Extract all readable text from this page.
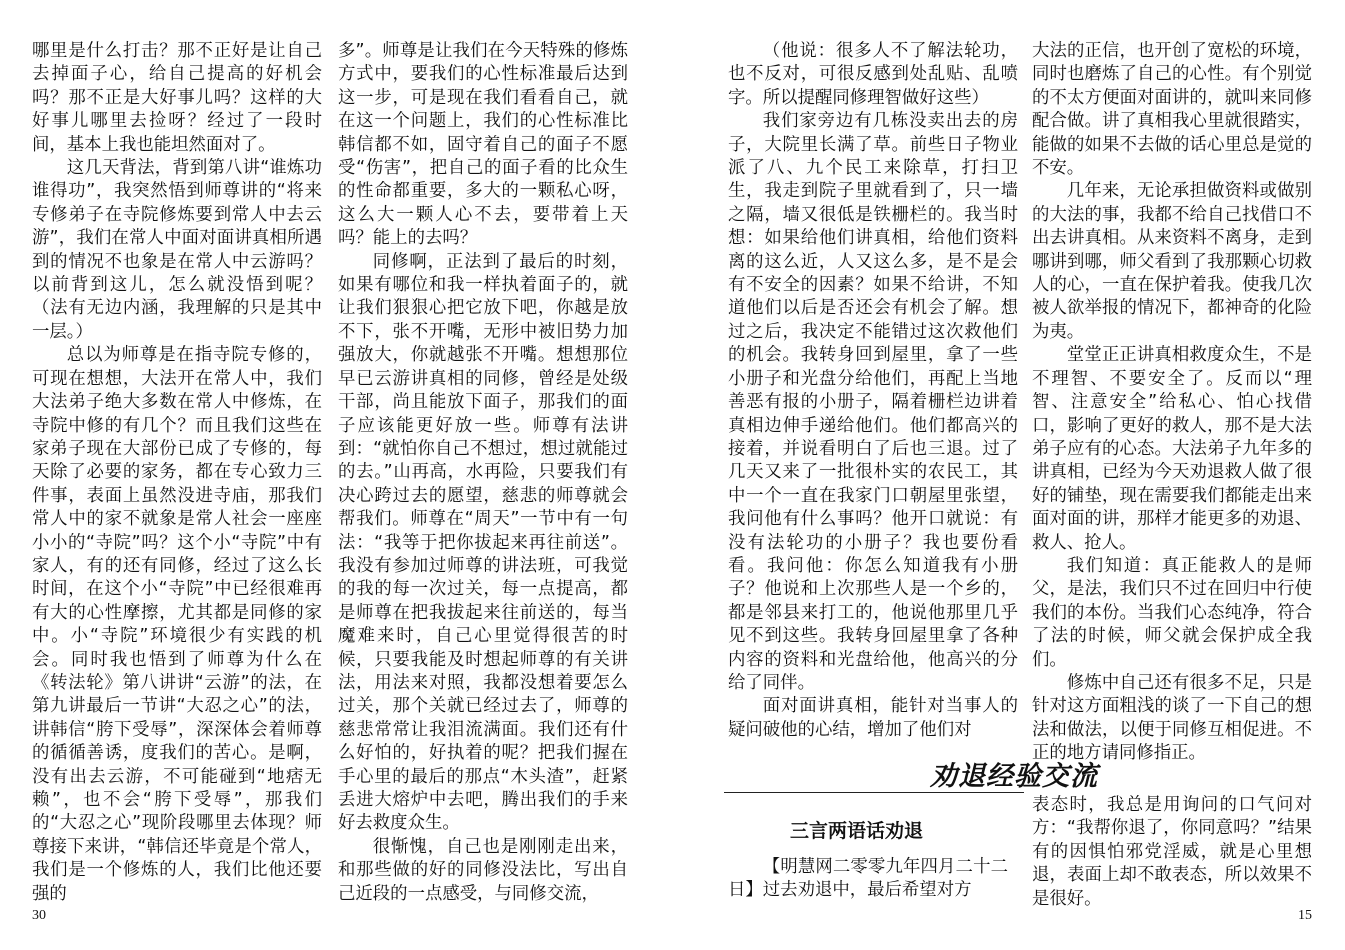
哪里是什么打击？那不正好是让自己去掉面子心，给自己提高的好机会吗？那不正是大好事儿吗？这样的大好事儿哪里去捡呀？经过了一段时间，基本上我也能坦然面对了。

这几天背法，背到第八讲“谁炼功谁得功”，我突然悟到师尊讲的“将来专修弟子在寺院修炼要到常人中去云游”，我们在常人中面对面讲真相所遇到的情况不也象是在常人中云游吗？以前背到这儿，怎么就没悟到呢？（法有无边内涵，我理解的只是其中一层。）

总以为师尊是在指寺院专修的，可现在想想，大法开在常人中，我们大法弟子绝大多数在常人中修炼，在寺院中修的有几个？而且我们这些在家弟子现在大部份已成了专修的，每天除了必要的家务，都在专心致力三件事，表面上虽然没进寺庙，那我们常人中的家不就象是常人社会一座座小小的“寺院”吗？这个小“寺院”中有家人，有的还有同修，经过了这么长时间，在这个小“寺院”中已经很难再有大的心性摩擦，尤其都是同修的家中。小“寺院”环境很少有实践的机会。同时我也悟到了师尊为什么在《转法轮》第八讲讲“云游”的法，在第九讲最后一节讲“大忍之心”的法，讲韩信“胯下受辱”，深深体会着师尊的循循善诱，度我们的苦心。是啊，没有出去云游，不可能碰到“地痞无赖”，也不会“胯下受辱”，那我们的“大忍之心”现阶段哪里去体现？师尊接下来讲，“韩信还毕竟是个常人，我们是一个修炼的人，我们比他还要强的

多”。师尊是让我们在今天特殊的修炼方式中，要我们的心性标准最后达到这一步，可是现在我们看看自己，就在这一个问题上，我们的心性标准比韩信都不如，固守着自己的面子不愿受“伤害”，把自己的面子看的比众生的性命都重要，多大的一颗私心呀，这么大一颗人心不去，要带着上天吗？能上的去吗？

同修啊，正法到了最后的时刻，如果有哪位和我一样执着面子的，就让我们狠狠心把它放下吧，你越是放不下，张不开嘴，无形中被旧势力加强放大，你就越张不开嘴。想想那位早已云游讲真相的同修，曾经是处级干部，尚且能放下面子，那我们的面子应该能更好放一些。师尊有法讲到：“就怕你自己不想过，想过就能过的去。”山再高，水再险，只要我们有决心跨过去的愿望，慈悲的师尊就会帮我们。师尊在“周天”一节中有一句法：“我等于把你拔起来再往前送”。我没有参加过师尊的讲法班，可我觉的我的每一次过关，每一点提高，都是师尊在把我拔起来往前送的，每当魔难来时，自己心里觉得很苦的时候，只要我能及时想起师尊的有关讲法，用法来对照，我都没想着要怎么过关，那个关就已经过去了，师尊的慈悲常常让我泪流满面。我们还有什么好怕的，好执着的呢？把我们握在手心里的最后的那点“木头渣”，赶紧丢进大熔炉中去吧，腾出我们的手来好去救度众生。

很惭愧，自己也是刚刚走出来，和那些做的好的同修没法比，写出自己近段的一点感受，与同修交流，

（他说：很多人不了解法轮功，也不反对，可很反感到处乱贴、乱喷字。所以提醒同修理智做好这些）

我们家旁边有几栋没卖出去的房子，大院里长满了草。前些日子物业派了八、九个民工来除草，打扫卫生，我走到院子里就看到了，只一墙之隔，墙又很低是铁栅栏的。我当时想：如果给他们讲真相，给他们资料离的这么近，人又这么多，是不是会有不安全的因素？如果不给讲，不知道他们以后是否还会有机会了解。想过之后，我决定不能错过这次救他们的机会。我转身回到屋里，拿了一些小册子和光盘分给他们，再配上当地善恶有报的小册子，隔着栅栏边讲着真相边伸手递给他们。他们都高兴的接着，并说看明白了后也三退。过了几天又来了一批很朴实的农民工，其中一个一直在我家门口朝屋里张望，我问他有什么事吗？他开口就说：有没有法轮功的小册子？我也要份看看。我问他：你怎么知道我有小册子？他说和上次那些人是一个乡的，都是邻县来打工的，他说他那里几乎见不到这些。我转身回屋里拿了各种内容的资料和光盘给他，他高兴的分给了同伴。

面对面讲真相，能针对当事人的疑问破他的心结，增加了他们对

大法的正信，也开创了宽松的环境，同时也磨炼了自己的心性。有个别觉的不太方便面对面讲的，就叫来同修配合做。讲了真相我心里就很踏实，能做的如果不去做的话心里总是觉的不安。

几年来，无论承担做资料或做别的大法的事，我都不给自己找借口不出去讲真相。从来资料不离身，走到哪讲到哪，师父看到了我那颗心切救人的心，一直在保护着我。使我几次被人欲举报的情况下，都神奇的化险为夷。

堂堂正正讲真相救度众生，不是不理智、不要安全了。反而以“理智、注意安全”给私心、怕心找借口，影响了更好的救人，那不是大法弟子应有的心态。大法弟子九年多的讲真相，已经为今天劝退救人做了很好的铺垫，现在需要我们都能走出来面对面的讲，那样才能更多的劝退、救人、抢人。

我们知道：真正能救人的是师父，是法，我们只不过在回归中行使我们的本份。当我们心态纯净，符合了法的时候，师父就会保护成全我们。

修炼中自己还有很多不足，只是针对这方面粗浅的谈了一下自己的想法和做法，以便于同修互相促进。不正的地方请同修指正。

劝退经验交流
三言两语话劝退

【明慧网二零零九年四月二十二日】过去劝退中，最后希望对方

表态时，我总是用询问的口气问对方：“我帮你退了，你同意吗？”结果有的因惧怕邪党淫威，就是心里想退，表面上却不敢表态，所以效果不是很好。

30	15
